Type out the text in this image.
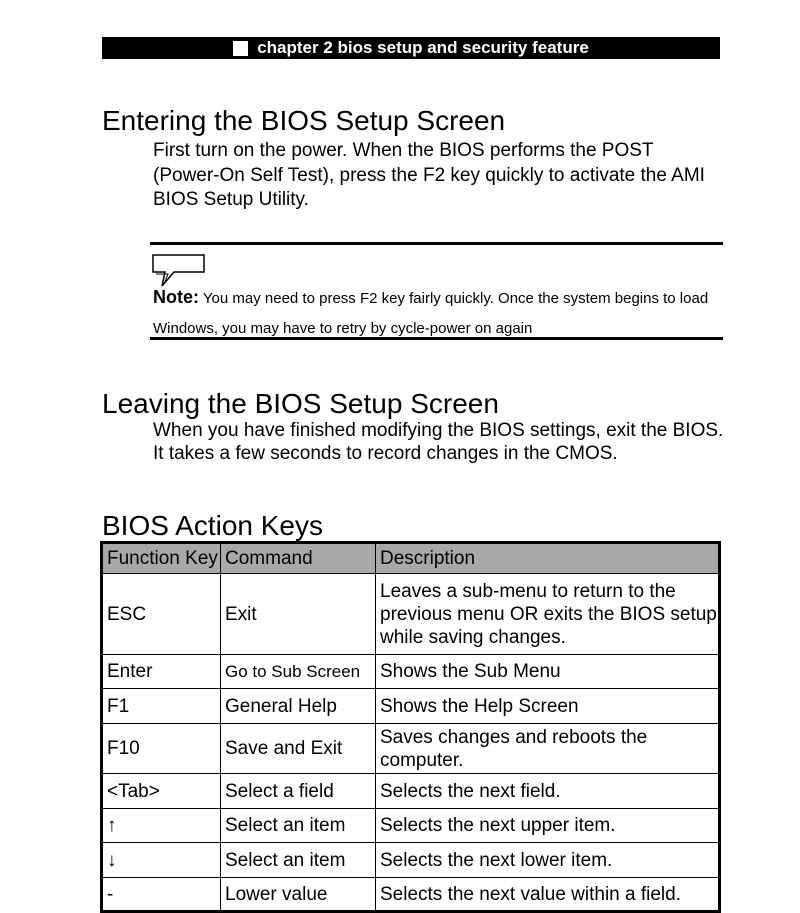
chapter 2 bios setup and security feature
Entering the BIOS Setup Screen

First turn on the power. When the BIOS performs the POST

(Power-On Self Test), press the F2 key quickly to activate the AMI

BIOS Setup Utility.

Note: You may need to press F2 key fairly quickly. Once the system begins to load
Windows, you may have to retry by cycle-power on again
Leaving the BIOS Setup Screen

When you have finished modifying the BIOS settings, exit the BIOS.

It takes a few seconds to record changes in the CMOS.

BIOS Action Keys
Function Key	Command	Description
ESC	Exit	Leaves a sub-menu to return to the
previous menu OR exits the BIOS setup
while saving changes.

Enter	Go to Sub Screen	Shows the Sub Menu

F1	General Help	Shows the Help Screen

F10	Save and Exit	Saves changes and reboots the
computer.

<Tab>	Select a field	Selects the next field.

↑	Select an item	Selects the next upper item.

↓	Select an item	Selects the next lower item.

-	Lower value	Selects the next value within a field.
